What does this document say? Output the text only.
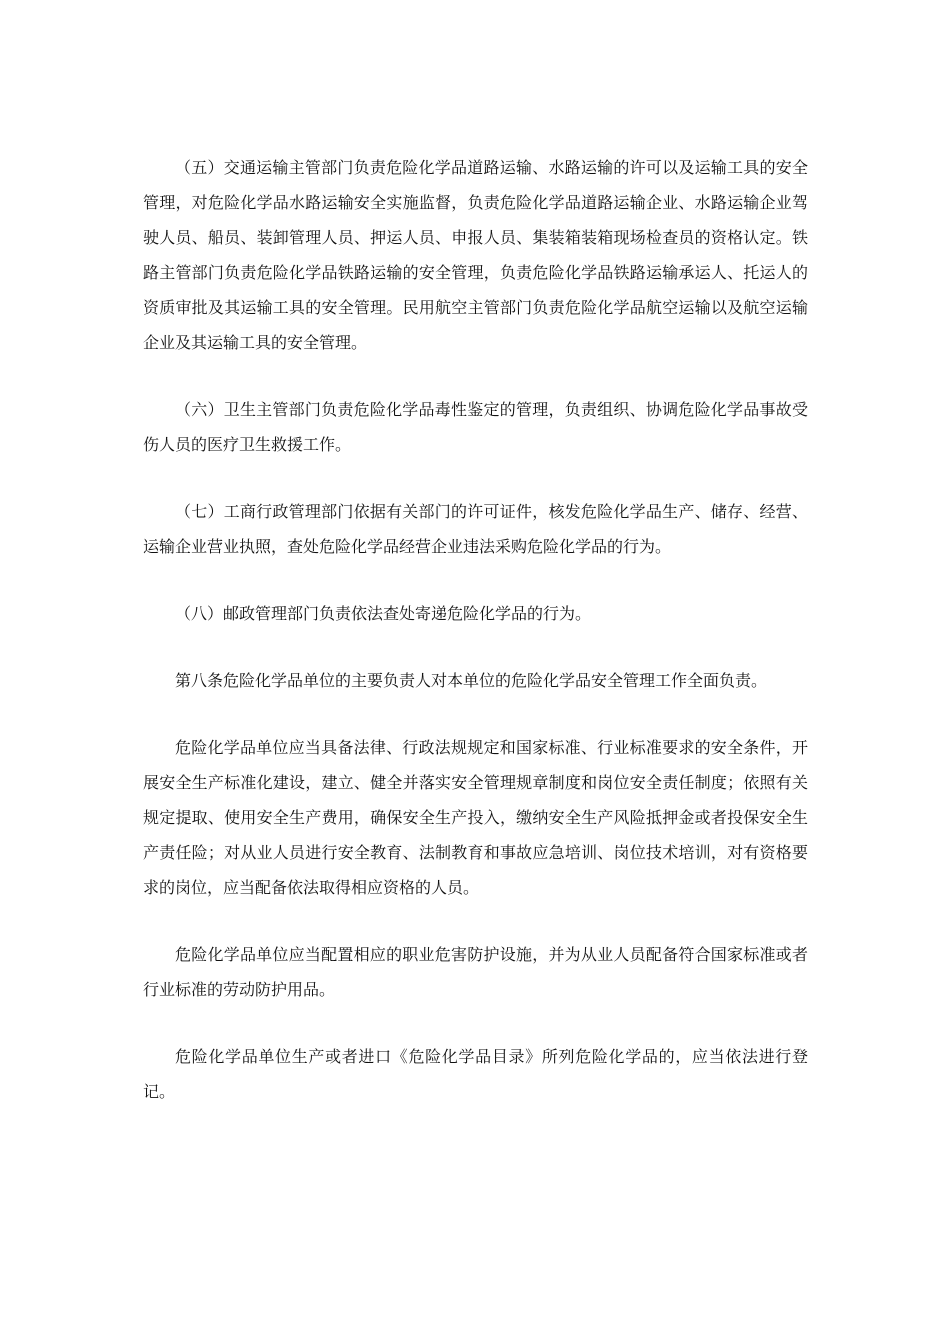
（五）交通运输主管部门负责危险化学品道路运输、水路运输的许可以及运输工具的安全管理，对危险化学品水路运输安全实施监督，负责危险化学品道路运输企业、水路运输企业驾驶人员、船员、装卸管理人员、押运人员、申报人员、集装箱装箱现场检查员的资格认定。铁路主管部门负责危险化学品铁路运输的安全管理，负责危险化学品铁路运输承运人、托运人的资质审批及其运输工具的安全管理。民用航空主管部门负责危险化学品航空运输以及航空运输企业及其运输工具的安全管理。

（六）卫生主管部门负责危险化学品毒性鉴定的管理，负责组织、协调危险化学品事故受伤人员的医疗卫生救援工作。

（七）工商行政管理部门依据有关部门的许可证件，核发危险化学品生产、储存、经营、运输企业营业执照，查处危险化学品经营企业违法采购危险化学品的行为。

（八）邮政管理部门负责依法查处寄递危险化学品的行为。

第八条危险化学品单位的主要负责人对本单位的危险化学品安全管理工作全面负责。

危险化学品单位应当具备法律、行政法规规定和国家标准、行业标准要求的安全条件，开展安全生产标准化建设，建立、健全并落实安全管理规章制度和岗位安全责任制度；依照有关规定提取、使用安全生产费用，确保安全生产投入，缴纳安全生产风险抵押金或者投保安全生产责任险；对从业人员进行安全教育、法制教育和事故应急培训、岗位技术培训，对有资格要求的岗位，应当配备依法取得相应资格的人员。

危险化学品单位应当配置相应的职业危害防护设施，并为从业人员配备符合国家标准或者行业标准的劳动防护用品。

危险化学品单位生产或者进口《危险化学品目录》所列危险化学品的，应当依法进行登记。
